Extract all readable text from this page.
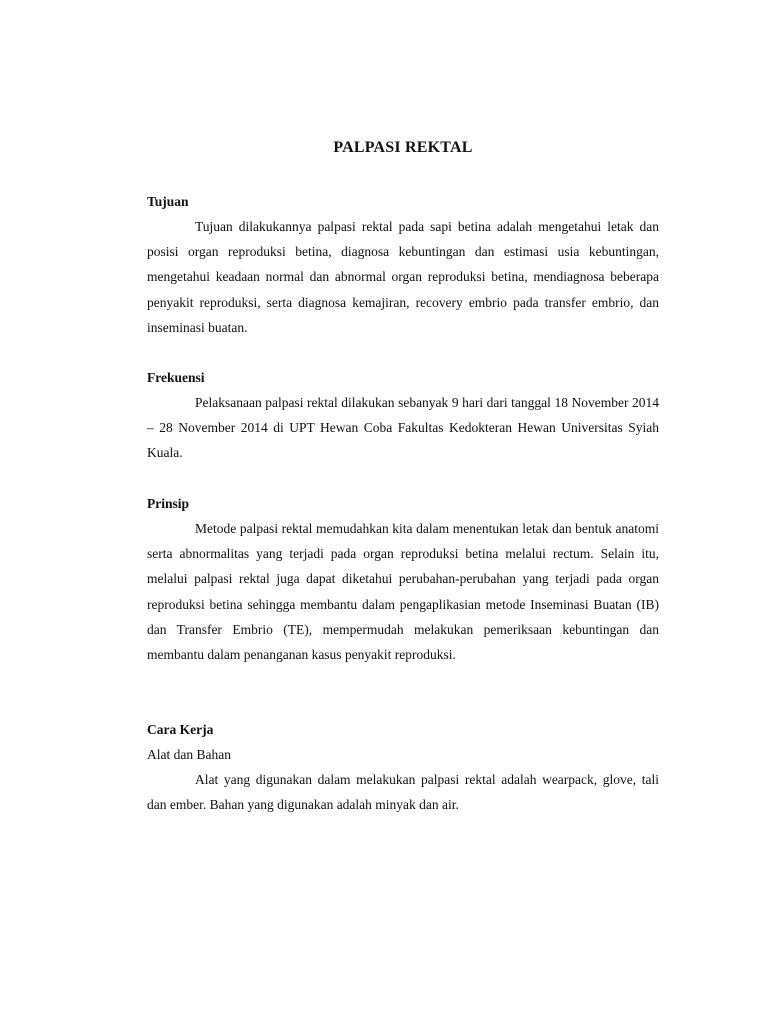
PALPASI REKTAL

Tujuan

Tujuan dilakukannya palpasi rektal pada sapi betina adalah mengetahui letak dan posisi organ reproduksi betina, diagnosa kebuntingan dan estimasi usia kebuntingan, mengetahui keadaan normal dan abnormal organ reproduksi betina, mendiagnosa beberapa penyakit reproduksi, serta diagnosa kemajiran, recovery embrio pada transfer embrio, dan inseminasi buatan.

Frekuensi

Pelaksanaan palpasi rektal dilakukan sebanyak 9 hari dari tanggal 18 November 2014 – 28 November 2014 di UPT Hewan Coba Fakultas Kedokteran Hewan Universitas Syiah Kuala.

Prinsip

Metode palpasi rektal memudahkan kita dalam menentukan letak dan bentuk anatomi serta abnormalitas yang terjadi pada organ reproduksi betina melalui rectum. Selain itu, melalui palpasi rektal juga dapat diketahui perubahan-perubahan yang terjadi pada organ reproduksi betina sehingga membantu dalam pengaplikasian metode Inseminasi Buatan (IB) dan Transfer Embrio (TE), mempermudah melakukan pemeriksaan kebuntingan dan membantu dalam penanganan kasus penyakit reproduksi.

Cara Kerja

Alat dan Bahan

Alat yang digunakan dalam melakukan palpasi rektal adalah wearpack, glove, tali dan ember. Bahan yang digunakan adalah minyak dan air.
